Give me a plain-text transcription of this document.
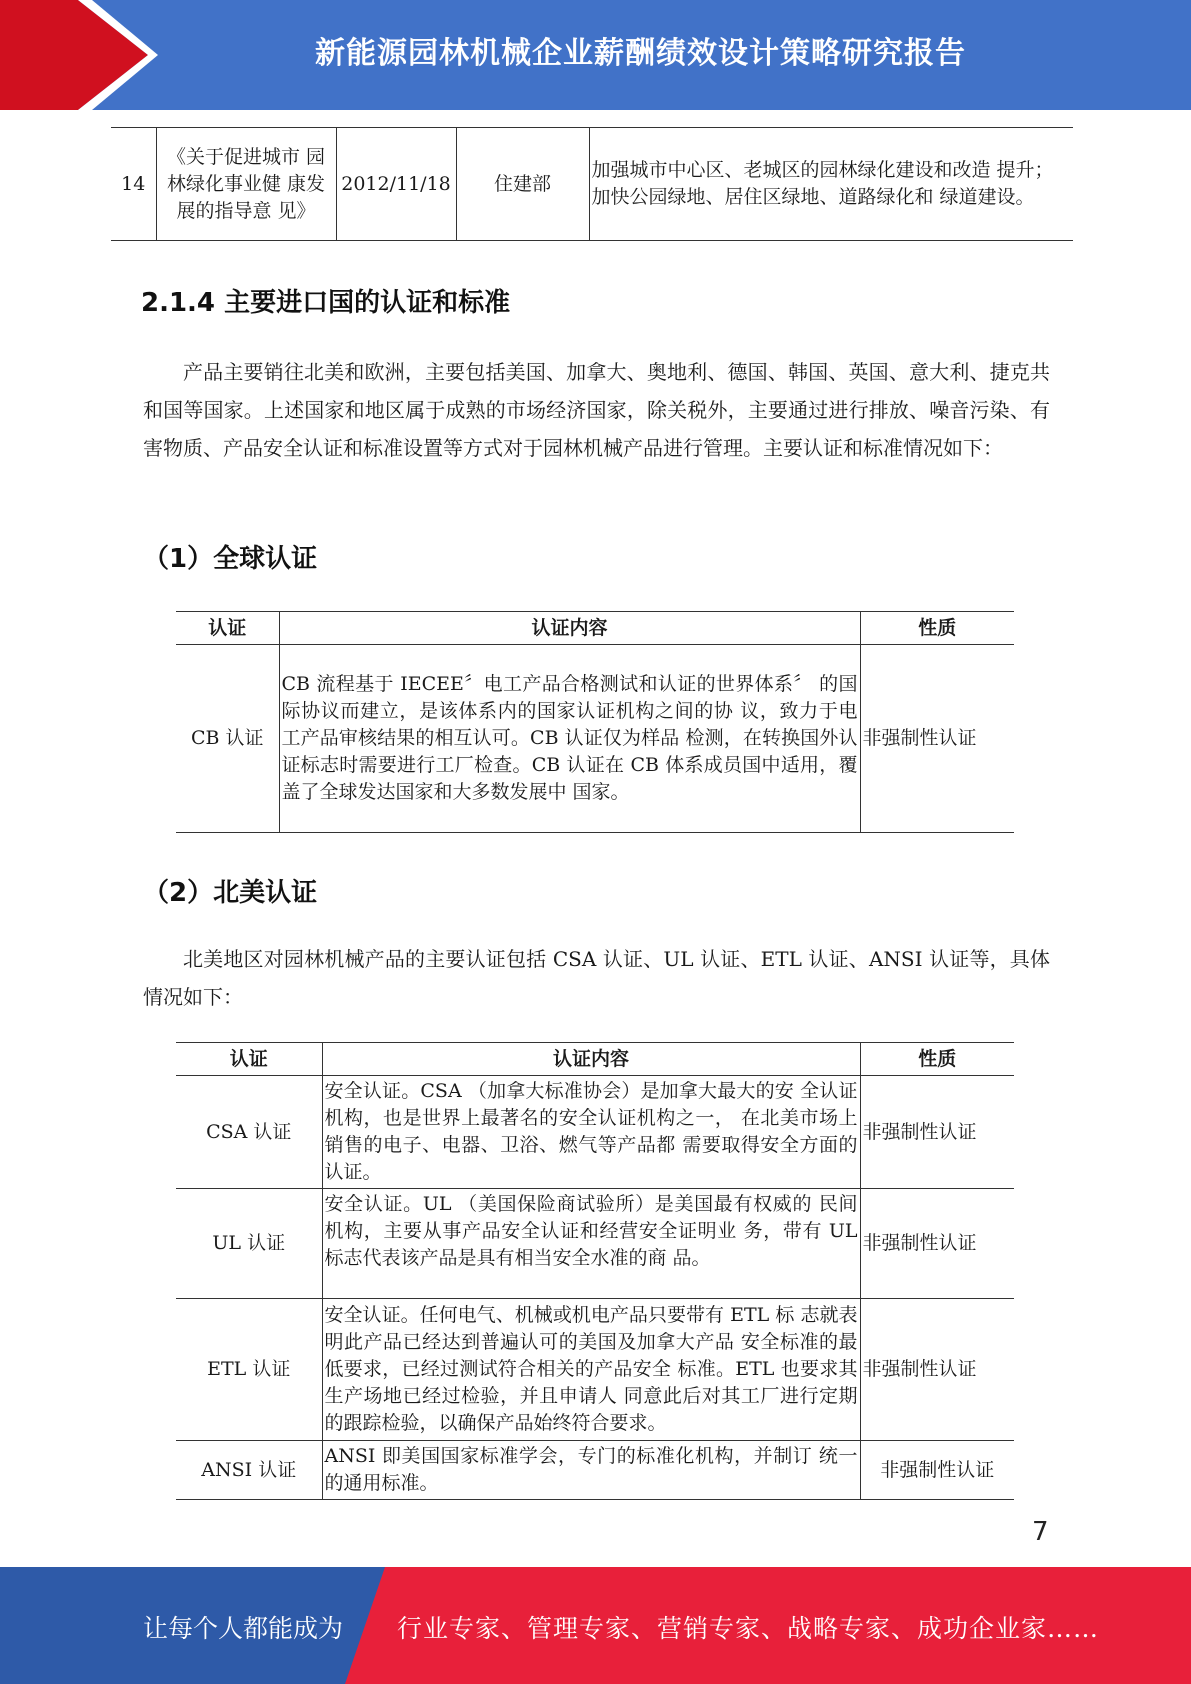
新能源园林机械企业薪酬绩效设计策略研究报告
14	《关于促进城市 园林绿化事业健 康发展的指导意 见》	2012/11/18	住建部	加强城市中心区、老城区的园林绿化建设和改造 提升；加快公园绿地、居住区绿地、道路绿化和 绿道建设。
2.1.4 主要进口国的认证和标准

产品主要销往北美和欧洲，主要包括美国、加拿大、奥地利、德国、韩国、英国、意大利、捷克共和国等国家。上述国家和地区属于成熟的市场经济国家，除关税外，主要通过进行排放、噪音污染、有害物质、产品安全认证和标准设置等方式对于园林机械产品进行管理。主要认证和标准情况如下：

（1）全球认证
认证	认证内容	性质
CB 认证	CB 流程基于 IECEE〞电工产品合格测试和认证的世界体系〞 的国际协议而建立，是该体系内的国家认证机构之间的协 议，致力于电工产品审核结果的相互认可。CB 认证仅为样品 检测，在转换国外认证标志时需要进行工厂检查。CB 认证在 CB 体系成员国中适用，覆盖了全球发达国家和大多数发展中 国家。	非强制性认证
（2）北美认证

北美地区对园林机械产品的主要认证包括 CSA 认证、UL 认证、ETL 认证、ANSI 认证等，具体情况如下：

认证	认证内容	性质
CSA 认证	安全认证。CSA （加拿大标准协会）是加拿大最大的安 全认证机构，也是世界上最著名的安全认证机构之一， 在北美市场上销售的电子、电器、卫浴、燃气等产品都 需要取得安全方面的认证。	非强制性认证
UL 认证	安全认证。UL （美国保险商试验所）是美国最有权威的 民间机构，主要从事产品安全认证和经营安全证明业 务，带有 UL 标志代表该产品是具有相当安全水准的商 品。	非强制性认证
ETL 认证	安全认证。任何电气、机械或机电产品只要带有 ETL 标 志就表明此产品已经达到普遍认可的美国及加拿大产品 安全标准的最低要求，已经过测试符合相关的产品安全 标准。ETL 也要求其生产场地已经过检验，并且申请人 同意此后对其工厂进行定期的跟踪检验，以确保产品始终符合要求。	非强制性认证
ANSI 认证	ANSI 即美国国家标准学会，专门的标准化机构，并制订 统一的通用标准。	非强制性认证
7
让每个人都能成为 行业专家、管理专家、营销专家、战略专家、成功企业家……
